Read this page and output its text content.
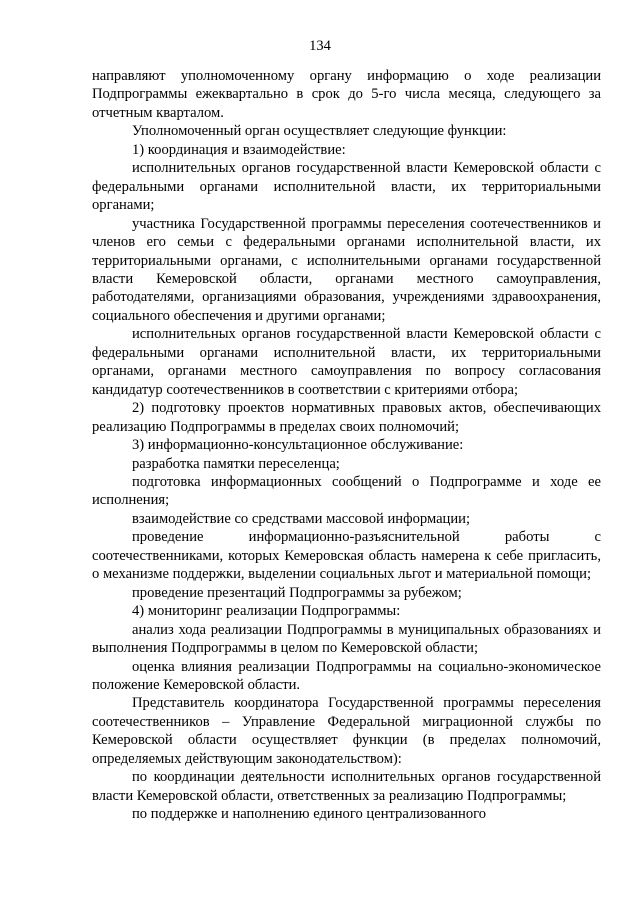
134

направляют уполномоченному органу информацию о ходе реализации Подпрограммы ежеквартально в срок до 5-го числа месяца, следующего за отчетным кварталом.

Уполномоченный орган осуществляет следующие функции:

1) координация и взаимодействие:

исполнительных органов государственной власти Кемеровской области с федеральными органами исполнительной власти, их территориальными органами;

участника Государственной программы переселения соотечественников и членов его семьи с федеральными органами исполнительной власти, их территориальными органами, с исполнительными органами государственной власти Кемеровской области, органами местного самоуправления, работодателями, организациями образования, учреждениями здравоохранения, социального обеспечения и другими органами;

исполнительных органов государственной власти Кемеровской области с федеральными органами исполнительной власти, их территориальными органами, органами местного самоуправления по вопросу согласования кандидатур соотечественников в соответствии с критериями отбора;

2) подготовку проектов нормативных правовых актов, обеспечивающих реализацию Подпрограммы в пределах своих полномочий;

3) информационно-консультационное обслуживание:

разработка памятки переселенца;

подготовка информационных сообщений о Подпрограмме и ходе ее исполнения;

взаимодействие со средствами массовой информации;

проведение информационно-разъяснительной работы с соотечественниками, которых Кемеровская область намерена к себе пригласить, о механизме поддержки, выделении социальных льгот и материальной помощи;

проведение презентаций Подпрограммы за рубежом;

4) мониторинг реализации Подпрограммы:

анализ хода реализации Подпрограммы в муниципальных образованиях и выполнения Подпрограммы в целом по Кемеровской области;

оценка влияния реализации Подпрограммы на социально-экономическое положение Кемеровской области.

Представитель координатора Государственной программы переселения соотечественников – Управление Федеральной миграционной службы по Кемеровской области осуществляет функции (в пределах полномочий, определяемых действующим законодательством):

по координации деятельности исполнительных органов государственной власти Кемеровской области, ответственных за реализацию Подпрограммы;

по поддержке и наполнению единого централизованного
